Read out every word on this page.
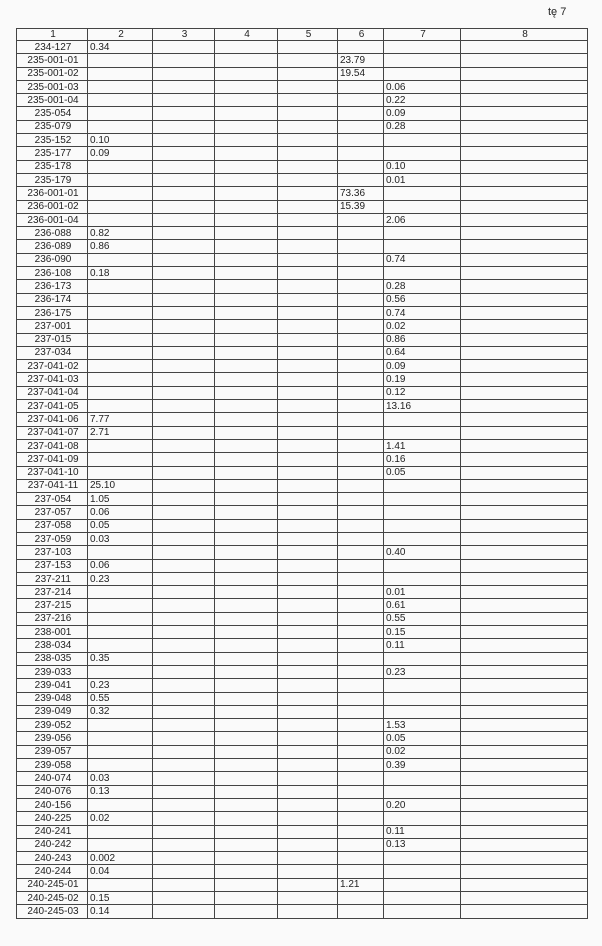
tę 7
1	2	3	4	5	6	7	8
234-127	0.34						
235-001-01					23.79		
235-001-02					19.54		
235-001-03						0.06	
235-001-04						0.22	
235-054						0.09	
235-079						0.28	
235-152	0.10						
235-177	0.09						
235-178						0.10	
235-179						0.01	
236-001-01					73.36		
236-001-02					15.39		
236-001-04						2.06	
236-088	0.82						
236-089	0.86						
236-090						0.74	
236-108	0.18						
236-173						0.28	
236-174						0.56	
236-175						0.74	
237-001						0.02	
237-015						0.86	
237-034						0.64	
237-041-02						0.09	
237-041-03						0.19	
237-041-04						0.12	
237-041-05						13.16	
237-041-06	7.77						
237-041-07	2.71						
237-041-08						1.41	
237-041-09						0.16	
237-041-10						0.05	
237-041-11	25.10						
237-054	1.05						
237-057	0.06						
237-058	0.05						
237-059	0.03						
237-103						0.40	
237-153	0.06						
237-211	0.23						
237-214						0.01	
237-215						0.61	
237-216						0.55	
238-001						0.15	
238-034						0.11	
238-035	0.35						
239-033						0.23	
239-041	0.23						
239-048	0.55						
239-049	0.32						
239-052						1.53	
239-056						0.05	
239-057						0.02	
239-058						0.39	
240-074	0.03						
240-076	0.13						
240-156						0.20	
240-225	0.02						
240-241						0.11	
240-242						0.13	
240-243	0.002						
240-244	0.04						
240-245-01					1.21		
240-245-02	0.15						
240-245-03	0.14						
